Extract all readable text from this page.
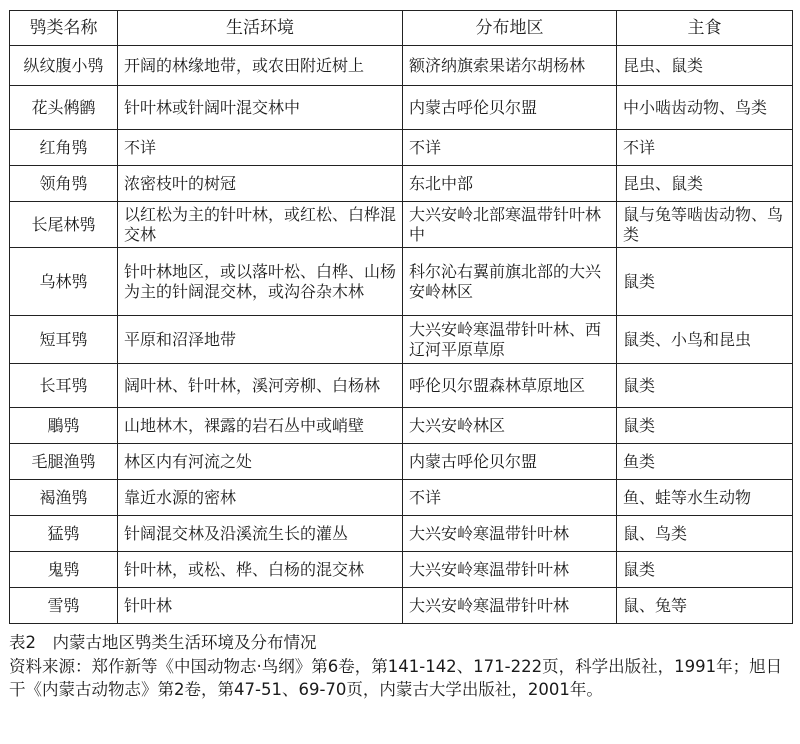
鸮类名称	生活环境	分布地区	主食
纵纹腹小鸮	开阔的林缘地带，或农田附近树上	额济纳旗索果诺尔胡杨林	昆虫、鼠类
花头鸺鹠	针叶林或针阔叶混交林中	内蒙古呼伦贝尔盟	中小啮齿动物、鸟类
红角鸮	不详	不详	不详
领角鸮	浓密枝叶的树冠	东北中部	昆虫、鼠类
长尾林鸮	以红松为主的针叶林，或红松、白桦混交林	大兴安岭北部寒温带针叶林中	鼠与兔等啮齿动物、鸟类
乌林鸮	针叶林地区，或以落叶松、白桦、山杨为主的针阔混交林，或沟谷杂木林	科尔沁右翼前旗北部的大兴安岭林区	鼠类
短耳鸮	平原和沼泽地带	大兴安岭寒温带针叶林、西辽河平原草原	鼠类、小鸟和昆虫
长耳鸮	阔叶林、针叶林，溪河旁柳、白杨林	呼伦贝尔盟森林草原地区	鼠类
鵰鸮	山地林木，裸露的岩石丛中或峭壁	大兴安岭林区	鼠类
毛腿渔鸮	林区内有河流之处	内蒙古呼伦贝尔盟	鱼类
褐渔鸮	靠近水源的密林	不详	鱼、蛙等水生动物
猛鸮	针阔混交林及沿溪流生长的灌丛	大兴安岭寒温带针叶林	鼠、鸟类
鬼鸮	针叶林，或松、桦、白杨的混交林	大兴安岭寒温带针叶林	鼠类
雪鸮	针叶林	大兴安岭寒温带针叶林	鼠、兔等
表2　内蒙古地区鸮类生活环境及分布情况
资料来源：郑作新等《中国动物志·鸟纲》第6卷，第141-142、171-222页，科学出版社，1991年；旭日干《内蒙古动物志》第2卷，第47-51、69-70页，内蒙古大学出版社，2001年。
